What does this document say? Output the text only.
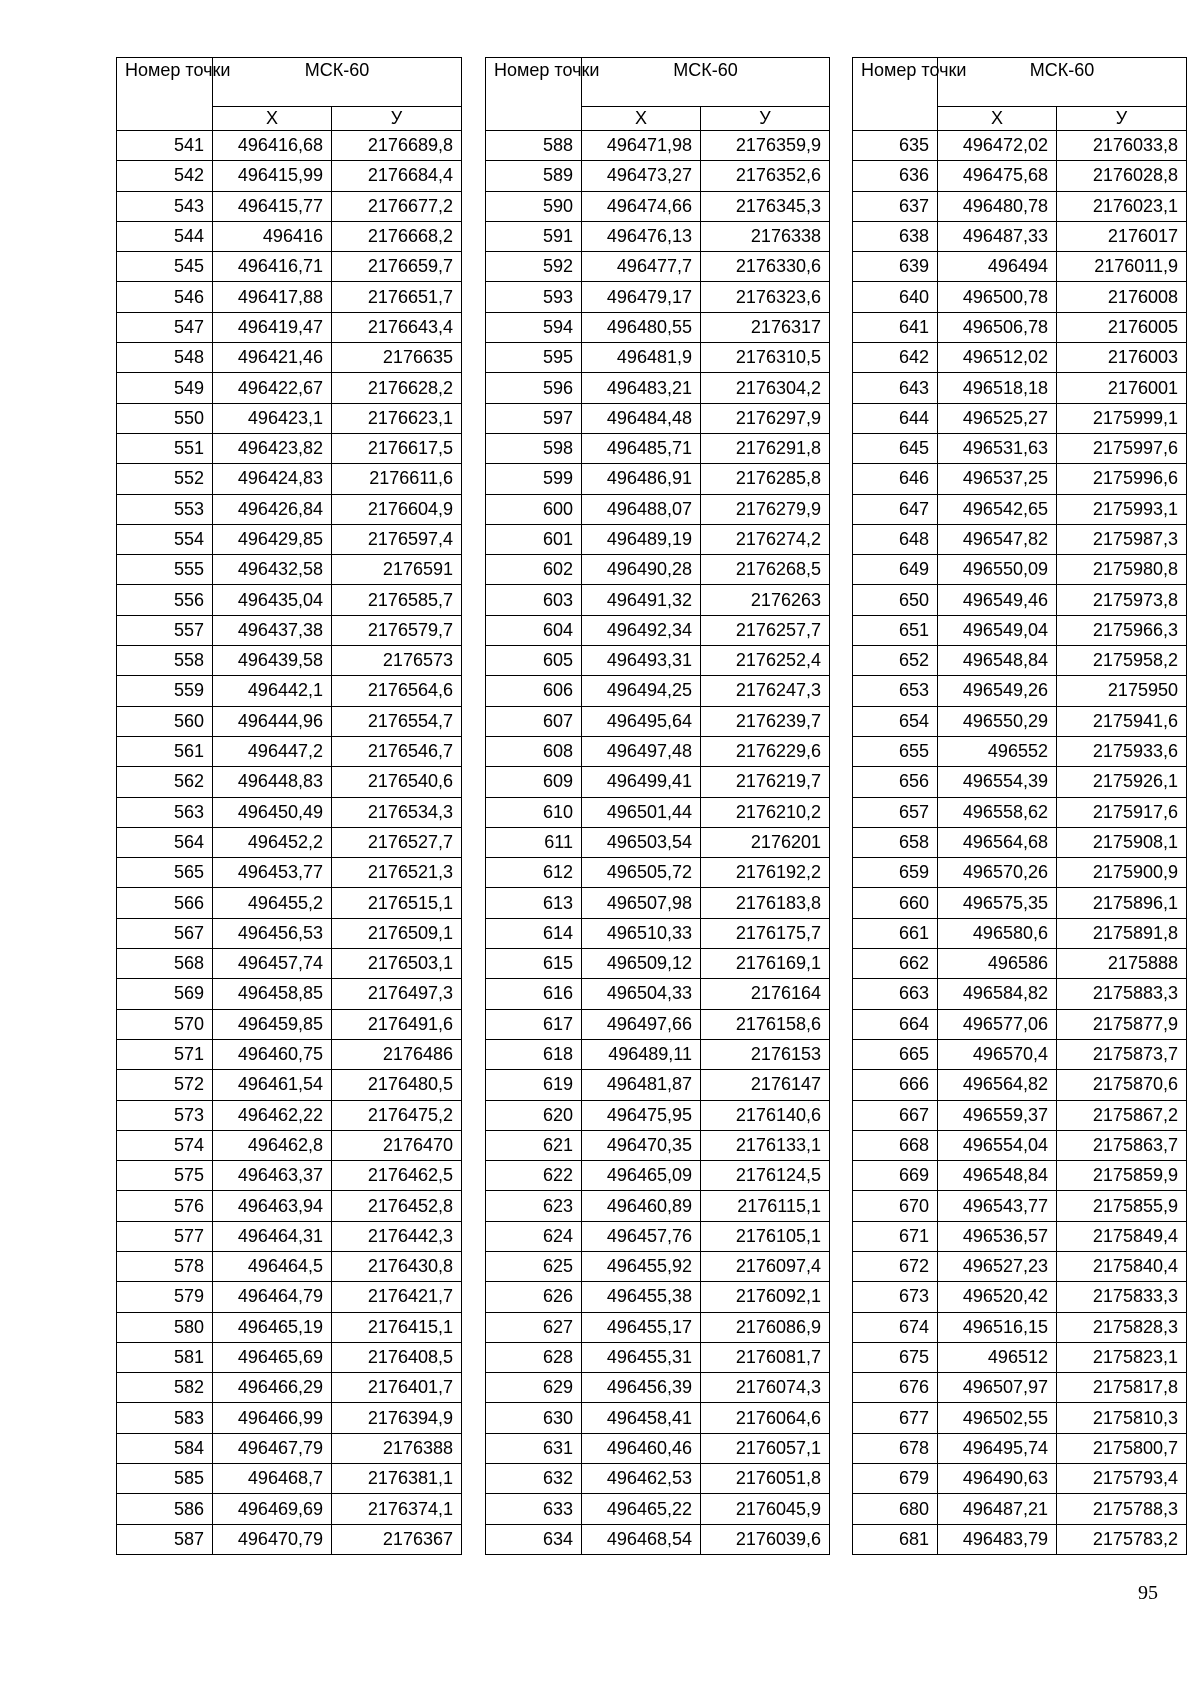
Номер точки	МСК-60	
	Х	У
541	496416,68	2176689,8
542	496415,99	2176684,4
543	496415,77	2176677,2
544	496416	2176668,2
545	496416,71	2176659,7
546	496417,88	2176651,7
547	496419,47	2176643,4
548	496421,46	2176635
549	496422,67	2176628,2
550	496423,1	2176623,1
551	496423,82	2176617,5
552	496424,83	2176611,6
553	496426,84	2176604,9
554	496429,85	2176597,4
555	496432,58	2176591
556	496435,04	2176585,7
557	496437,38	2176579,7
558	496439,58	2176573
559	496442,1	2176564,6
560	496444,96	2176554,7
561	496447,2	2176546,7
562	496448,83	2176540,6
563	496450,49	2176534,3
564	496452,2	2176527,7
565	496453,77	2176521,3
566	496455,2	2176515,1
567	496456,53	2176509,1
568	496457,74	2176503,1
569	496458,85	2176497,3
570	496459,85	2176491,6
571	496460,75	2176486
572	496461,54	2176480,5
573	496462,22	2176475,2
574	496462,8	2176470
575	496463,37	2176462,5
576	496463,94	2176452,8
577	496464,31	2176442,3
578	496464,5	2176430,8
579	496464,79	2176421,7
580	496465,19	2176415,1
581	496465,69	2176408,5
582	496466,29	2176401,7
583	496466,99	2176394,9
584	496467,79	2176388
585	496468,7	2176381,1
586	496469,69	2176374,1
587	496470,79	2176367
Номер точки	МСК-60	
	Х	У
588	496471,98	2176359,9
589	496473,27	2176352,6
590	496474,66	2176345,3
591	496476,13	2176338
592	496477,7	2176330,6
593	496479,17	2176323,6
594	496480,55	2176317
595	496481,9	2176310,5
596	496483,21	2176304,2
597	496484,48	2176297,9
598	496485,71	2176291,8
599	496486,91	2176285,8
600	496488,07	2176279,9
601	496489,19	2176274,2
602	496490,28	2176268,5
603	496491,32	2176263
604	496492,34	2176257,7
605	496493,31	2176252,4
606	496494,25	2176247,3
607	496495,64	2176239,7
608	496497,48	2176229,6
609	496499,41	2176219,7
610	496501,44	2176210,2
611	496503,54	2176201
612	496505,72	2176192,2
613	496507,98	2176183,8
614	496510,33	2176175,7
615	496509,12	2176169,1
616	496504,33	2176164
617	496497,66	2176158,6
618	496489,11	2176153
619	496481,87	2176147
620	496475,95	2176140,6
621	496470,35	2176133,1
622	496465,09	2176124,5
623	496460,89	2176115,1
624	496457,76	2176105,1
625	496455,92	2176097,4
626	496455,38	2176092,1
627	496455,17	2176086,9
628	496455,31	2176081,7
629	496456,39	2176074,3
630	496458,41	2176064,6
631	496460,46	2176057,1
632	496462,53	2176051,8
633	496465,22	2176045,9
634	496468,54	2176039,6
Номер точки	МСК-60	
	Х	У
635	496472,02	2176033,8
636	496475,68	2176028,8
637	496480,78	2176023,1
638	496487,33	2176017
639	496494	2176011,9
640	496500,78	2176008
641	496506,78	2176005
642	496512,02	2176003
643	496518,18	2176001
644	496525,27	2175999,1
645	496531,63	2175997,6
646	496537,25	2175996,6
647	496542,65	2175993,1
648	496547,82	2175987,3
649	496550,09	2175980,8
650	496549,46	2175973,8
651	496549,04	2175966,3
652	496548,84	2175958,2
653	496549,26	2175950
654	496550,29	2175941,6
655	496552	2175933,6
656	496554,39	2175926,1
657	496558,62	2175917,6
658	496564,68	2175908,1
659	496570,26	2175900,9
660	496575,35	2175896,1
661	496580,6	2175891,8
662	496586	2175888
663	496584,82	2175883,3
664	496577,06	2175877,9
665	496570,4	2175873,7
666	496564,82	2175870,6
667	496559,37	2175867,2
668	496554,04	2175863,7
669	496548,84	2175859,9
670	496543,77	2175855,9
671	496536,57	2175849,4
672	496527,23	2175840,4
673	496520,42	2175833,3
674	496516,15	2175828,3
675	496512	2175823,1
676	496507,97	2175817,8
677	496502,55	2175810,3
678	496495,74	2175800,7
679	496490,63	2175793,4
680	496487,21	2175788,3
681	496483,79	2175783,2
95
